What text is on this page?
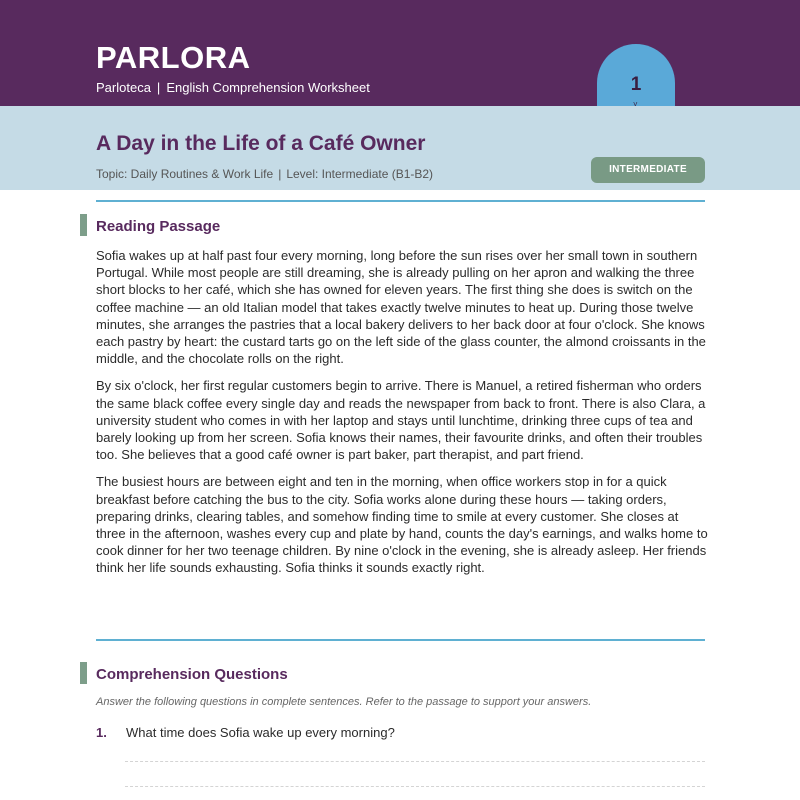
PARLORA
Parloteca | English Comprehension Worksheet
A Day in the Life of a Café Owner
Topic: Daily Routines & Work Life | Level: Intermediate (B1-B2)	INTERMEDIATE
1
˅
Reading Passage

Sofia wakes up at half past four every morning, long before the sun rises over her small town in southern Portugal. While most people are still dreaming, she is already pulling on her apron and walking the three short blocks to her café, which she has owned for eleven years. The first thing she does is switch on the coffee machine — an old Italian model that takes exactly twelve minutes to heat up. During those twelve minutes, she arranges the pastries that a local bakery delivers to her back door at four o'clock. She knows each pastry by heart: the custard tarts go on the left side of the glass counter, the almond croissants in the middle, and the chocolate rolls on the right.

By six o'clock, her first regular customers begin to arrive. There is Manuel, a retired fisherman who orders the same black coffee every single day and reads the newspaper from back to front. There is also Clara, a university student who comes in with her laptop and stays until lunchtime, drinking three cups of tea and barely looking up from her screen. Sofia knows their names, their favourite drinks, and often their troubles too. She believes that a good café owner is part baker, part therapist, and part friend.

The busiest hours are between eight and ten in the morning, when office workers stop in for a quick breakfast before catching the bus to the city. Sofia works alone during these hours — taking orders, preparing drinks, clearing tables, and somehow finding time to smile at every customer. She closes at three in the afternoon, washes every cup and plate by hand, counts the day's earnings, and walks home to cook dinner for her two teenage children. By nine o'clock in the evening, she is already asleep. Her friends think her life sounds exhausting. Sofia thinks it sounds exactly right.

Comprehension Questions
Answer the following questions in complete sentences. Refer to the passage to support your answers.
1. What time does Sofia wake up every morning?
